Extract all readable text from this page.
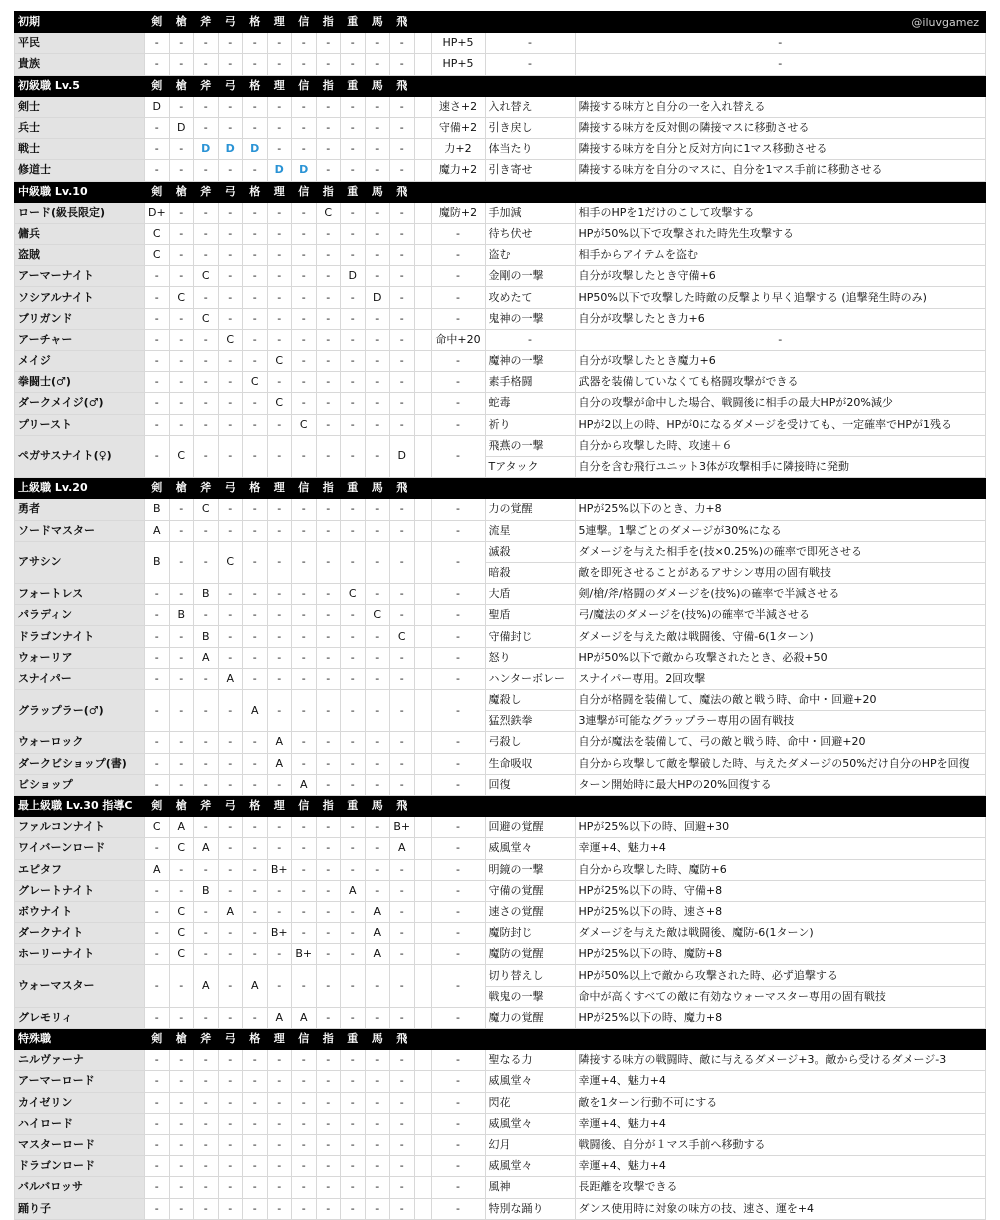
初期	剣	槍	斧	弓	格	理	信	指	重	馬	飛				
平民	-	-	-	-	-	-	-	-	-	-	-		HP+5	-	-
貴族	-	-	-	-	-	-	-	-	-	-	-		HP+5	-	-
初級職 Lv.5	剣	槍	斧	弓	格	理	信	指	重	馬	飛				
剣士	D	-	-	-	-	-	-	-	-	-	-		速さ+2	入れ替え	隣接する味方と自分の一を入れ替える
兵士	-	D	-	-	-	-	-	-	-	-	-		守備+2	引き戻し	隣接する味方を反対側の隣接マスに移動させる
戦士	-	-	D	D	D	-	-	-	-	-	-		力+2	体当たり	隣接する味方を自分と反対方向に1マス移動させる
修道士	-	-	-	-	-	D	D	-	-	-	-		魔力+2	引き寄せ	隣接する味方を自分のマスに、自分を1マス手前に移動させる
中級職 Lv.10	剣	槍	斧	弓	格	理	信	指	重	馬	飛				
ロード(級長限定)	D+	-	-	-	-	-	-	C	-	-	-		魔防+2	手加減	相手のHPを1だけのこして攻撃する
傭兵	C	-	-	-	-	-	-	-	-	-	-		-	待ち伏せ	HPが50%以下で攻撃された時先生攻撃する
盗賊	C	-	-	-	-	-	-	-	-	-	-		-	盗む	相手からアイテムを盗む
アーマーナイト	-	-	C	-	-	-	-	-	D	-	-		-	金剛の一撃	自分が攻撃したとき守備+6
ソシアルナイト	-	C	-	-	-	-	-	-	-	D	-		-	攻めたて	HP50%以下で攻撃した時敵の反撃より早く追撃する (追撃発生時のみ)
ブリガンド	-	-	C	-	-	-	-	-	-	-	-		-	鬼神の一撃	自分が攻撃したとき力+6
アーチャー	-	-	-	C	-	-	-	-	-	-	-		命中+20	-	-
メイジ	-	-	-	-	-	C	-	-	-	-	-		-	魔神の一撃	自分が攻撃したとき魔力+6
拳闘士(♂)	-	-	-	-	C	-	-	-	-	-	-		-	素手格闘	武器を装備していなくても格闘攻撃ができる
ダークメイジ(♂)	-	-	-	-	-	C	-	-	-	-	-		-	蛇毒	自分の攻撃が命中した場合、戦闘後に相手の最大HPが20%減少
プリースト	-	-	-	-	-	-	C	-	-	-	-		-	祈り	HPが2以上の時、HPが0になるダメージを受けても、一定確率でHPが1残る
ペガサスナイト(♀)	-	C	-	-	-	-	-	-	-	-	D		-	飛燕の一撃	自分から攻撃した時、攻速＋６
														Tアタック	自分を含む飛行ユニット3体が攻撃相手に隣接時に発動
上級職 Lv.20	剣	槍	斧	弓	格	理	信	指	重	馬	飛				
勇者	B	-	C	-	-	-	-	-	-	-	-		-	力の覚醒	HPが25%以下のとき、力+8
ソードマスター	A	-	-	-	-	-	-	-	-	-	-		-	流星	5連撃。1撃ごとのダメージが30%になる
アサシン	B	-	-	C	-	-	-	-	-	-	-		-	滅殺	ダメージを与えた相手を(技×0.25%)の確率で即死させる
														暗殺	敵を即死させることがあるアサシン専用の固有戦技
フォートレス	-	-	B	-	-	-	-	-	C	-	-		-	大盾	剣/槍/斧/格闘のダメージを(技%)の確率で半減させる
パラディン	-	B	-	-	-	-	-	-	-	C	-		-	聖盾	弓/魔法のダメージを(技%)の確率で半減させる
ドラゴンナイト	-	-	B	-	-	-	-	-	-	-	C		-	守備封じ	ダメージを与えた敵は戦闘後、守備-6(1ターン)
ウォーリア	-	-	A	-	-	-	-	-	-	-	-		-	怒り	HPが50%以下で敵から攻撃されたとき、必殺+50
スナイパー	-	-	-	A	-	-	-	-	-	-	-		-	ハンターボレー	スナイパー専用。2回攻撃
グラップラー(♂)	-	-	-	-	A	-	-	-	-	-	-		-	魔殺し	自分が格闘を装備して、魔法の敵と戦う時、命中・回避+20
														猛烈鉄拳	3連撃が可能なグラップラー専用の固有戦技
ウォーロック	-	-	-	-	-	A	-	-	-	-	-		-	弓殺し	自分が魔法を装備して、弓の敵と戦う時、命中・回避+20
ダークビショップ(書)	-	-	-	-	-	A	-	-	-	-	-		-	生命吸収	自分から攻撃して敵を撃破した時、与えたダメージの50%だけ自分のHPを回復
ビショップ	-	-	-	-	-	-	A	-	-	-	-		-	回復	ターン開始時に最大HPの20%回復する
最上級職 Lv.30 指導C	剣	槍	斧	弓	格	理	信	指	重	馬	飛				
ファルコンナイト	C	A	-	-	-	-	-	-	-	-	B+		-	回避の覚醒	HPが25%以下の時、回避+30
ワイバーンロード	-	C	A	-	-	-	-	-	-	-	A		-	威風堂々	幸運+4、魅力+4
エピタフ	A	-	-	-	-	B+	-	-	-	-	-		-	明鏡の一撃	自分から攻撃した時、魔防+6
グレートナイト	-	-	B	-	-	-	-	-	A	-	-		-	守備の覚醒	HPが25%以下の時、守備+8
ボウナイト	-	C	-	A	-	-	-	-	-	A	-		-	速さの覚醒	HPが25%以下の時、速さ+8
ダークナイト	-	C	-	-	-	B+	-	-	-	A	-		-	魔防封じ	ダメージを与えた敵は戦闘後、魔防-6(1ターン)
ホーリーナイト	-	C	-	-	-	-	B+	-	-	A	-		-	魔防の覚醒	HPが25%以下の時、魔防+8
ウォーマスター	-	-	A	-	A	-	-	-	-	-	-		-	切り替えし	HPが50%以上で敵から攻撃された時、必ず追撃する
														戦鬼の一撃	命中が高くすべての敵に有効なウォーマスター専用の固有戦技
グレモリィ	-	-	-	-	-	A	A	-	-	-	-		-	魔力の覚醒	HPが25%以下の時、魔力+8
特殊職	剣	槍	斧	弓	格	理	信	指	重	馬	飛				
ニルヴァーナ	-	-	-	-	-	-	-	-	-	-	-		-	聖なる力	隣接する味方の戦闘時、敵に与えるダメージ+3。敵から受けるダメージ-3
アーマーロード	-	-	-	-	-	-	-	-	-	-	-		-	威風堂々	幸運+4、魅力+4
カイゼリン	-	-	-	-	-	-	-	-	-	-	-		-	閃花	敵を1ターン行動不可にする
ハイロード	-	-	-	-	-	-	-	-	-	-	-		-	威風堂々	幸運+4、魅力+4
マスターロード	-	-	-	-	-	-	-	-	-	-	-		-	幻月	戦闘後、自分が１マス手前へ移動する
ドラゴンロード	-	-	-	-	-	-	-	-	-	-	-		-	威風堂々	幸運+4、魅力+4
バルバロッサ	-	-	-	-	-	-	-	-	-	-	-		-	風神	長距離を攻撃できる
踊り子	-	-	-	-	-	-	-	-	-	-	-		-	特別な踊り	ダンス使用時に対象の味方の技、速さ、運を+4
@iluvgamez
